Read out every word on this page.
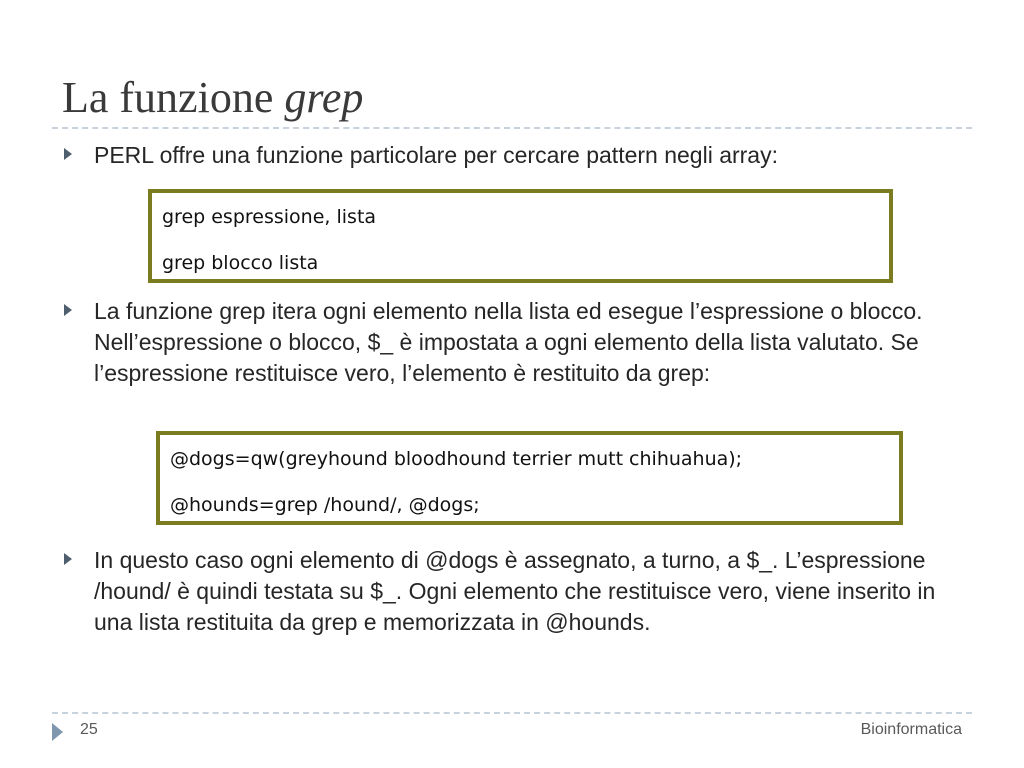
La funzione grep

PERL offre una funzione particolare per cercare pattern negli array:

grep espressione, lista

grep blocco lista

La funzione grep itera ogni elemento nella lista ed esegue l’espressione o blocco. Nell’espressione o blocco, $_ è impostata a ogni elemento della lista valutato. Se l’espressione restituisce vero, l’elemento è restituito da grep:

@dogs=qw(greyhound bloodhound terrier mutt chihuahua);

@hounds=grep /hound/, @dogs;

In questo caso ogni elemento di @dogs è assegnato, a turno, a $_. L’espressione /hound/ è quindi testata su $_. Ogni elemento che restituisce vero, viene inserito in una lista restituita da grep e memorizzata in @hounds.

25	Bioinformatica
